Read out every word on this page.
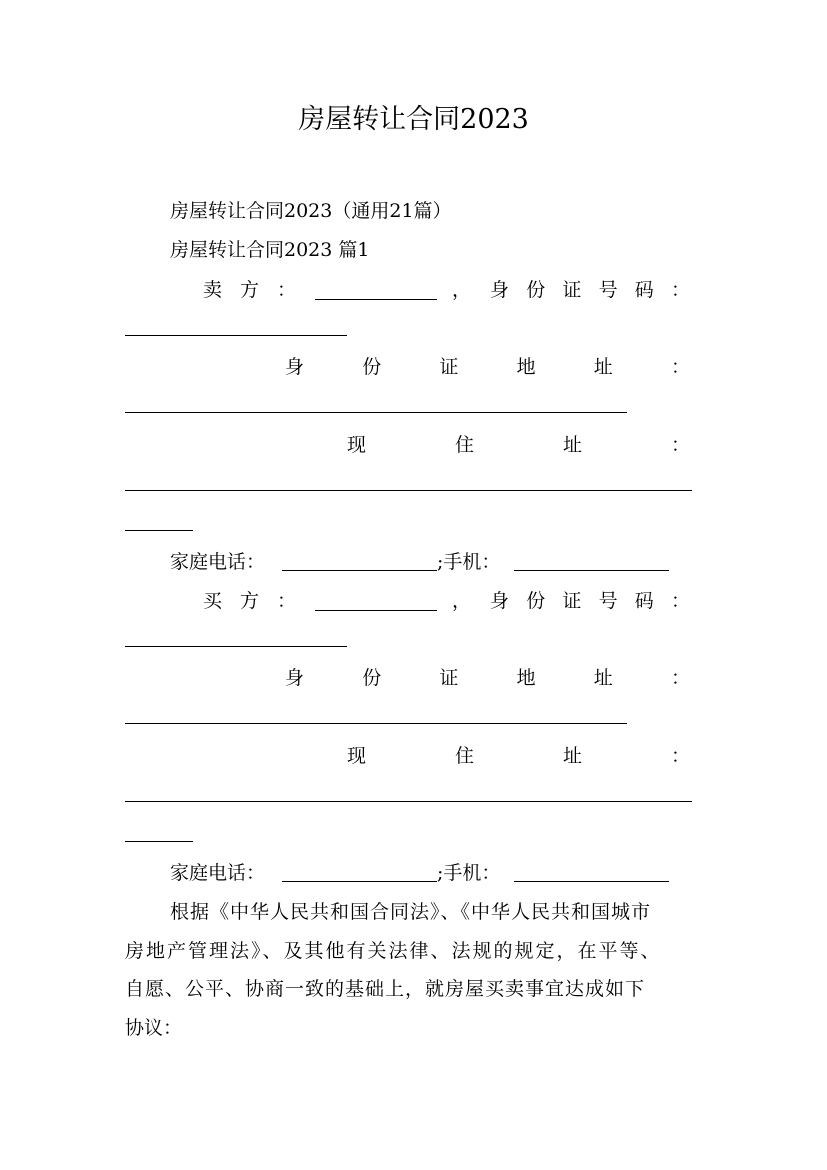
房屋转让合同2023
房屋转让合同2023（通用21篇）
房屋转让合同2023 篇1
卖方：	， 身 份 证 号 码 ：
身	份	证	地	址	：
现	住	址	：
家庭电话：	;手机：
买方：	， 身 份 证 号 码 ：
身	份	证	地	址	：
现	住	址	：
家庭电话：	;手机：
根据《中华人民共和国合同法》、《中华人民共和国城市
房地产管理法》、及其他有关法律、法规的规定，在平等、
自愿、公平、协商一致的基础上，就房屋买卖事宜达成如下
协议：
